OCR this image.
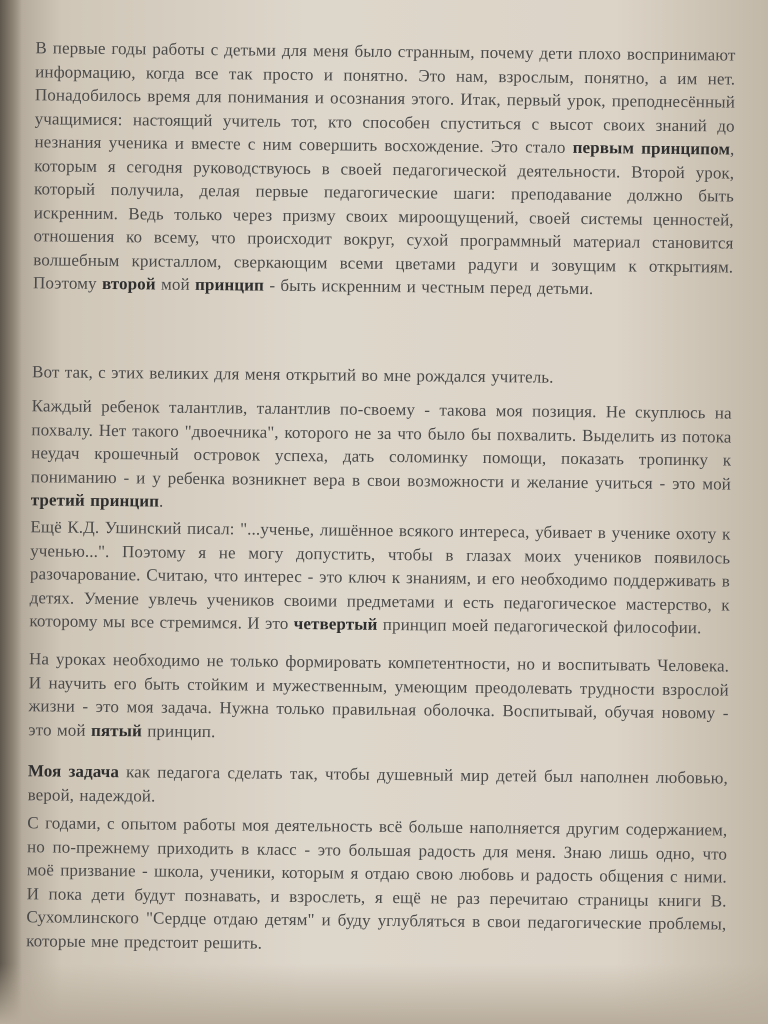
В первые годы работы с детьми для меня было странным, почему дети плохо воспринимают информацию, когда все так просто и понятно. Это нам, взрослым, понятно, а им нет. Понадобилось время для понимания и осознания этого. Итак, первый урок, преподнесённый учащимися: настоящий учитель тот, кто способен спуститься с высот своих знаний до незнания ученика и вместе с ним совершить восхождение. Это стало первым принципом, которым я сегодня руководствуюсь в своей педагогической деятельности. Второй урок, который получила, делая первые педагогические шаги: преподавание должно быть искренним. Ведь только через призму своих мироощущений, своей системы ценностей, отношения ко всему, что происходит вокруг, сухой программный материал становится волшебным кристаллом, сверкающим всеми цветами радуги и зовущим к открытиям. Поэтому второй мой принцип - быть искренним и честным перед детьми.

Вот так, с этих великих для меня открытий во мне рождался учитель.

Каждый ребенок талантлив, талантлив по-своему - такова моя позиция. Не скуплюсь на похвалу. Нет такого "двоечника", которого не за что было бы похвалить. Выделить из потока неудач крошечный островок успеха, дать соломинку помощи, показать тропинку к пониманию - и у ребенка возникнет вера в свои возможности и желание учиться - это мой третий принцип.

Ещё К.Д. Ушинский писал: "...ученье, лишённое всякого интереса, убивает в ученике охоту к ученью...". Поэтому я не могу допустить, чтобы в глазах моих учеников появилось разочарование. Считаю, что интерес - это ключ к знаниям, и его необходимо поддерживать в детях. Умение увлечь учеников своими предметами и есть педагогическое мастерство, к которому мы все стремимся. И это четвертый принцип моей педагогической философии.

На уроках необходимо не только формировать компетентности, но и воспитывать Человека. И научить его быть стойким и мужественным, умеющим преодолевать трудности взрослой жизни - это моя задача. Нужна только правильная оболочка. Воспитывай, обучая новому - это мой пятый принцип.

Моя задача как педагога сделать так, чтобы душевный мир детей был наполнен любовью, верой, надеждой.

С годами, с опытом работы моя деятельность всё больше наполняется другим содержанием, но по-прежнему приходить в класс - это большая радость для меня. Знаю лишь одно, что моё призвание - школа, ученики, которым я отдаю свою любовь и радость общения с ними. И пока дети будут познавать, и взрослеть, я ещё не раз перечитаю страницы книги В. Сухомлинского "Сердце отдаю детям" и буду углубляться в свои педагогические проблемы, которые мне предстоит решить.
